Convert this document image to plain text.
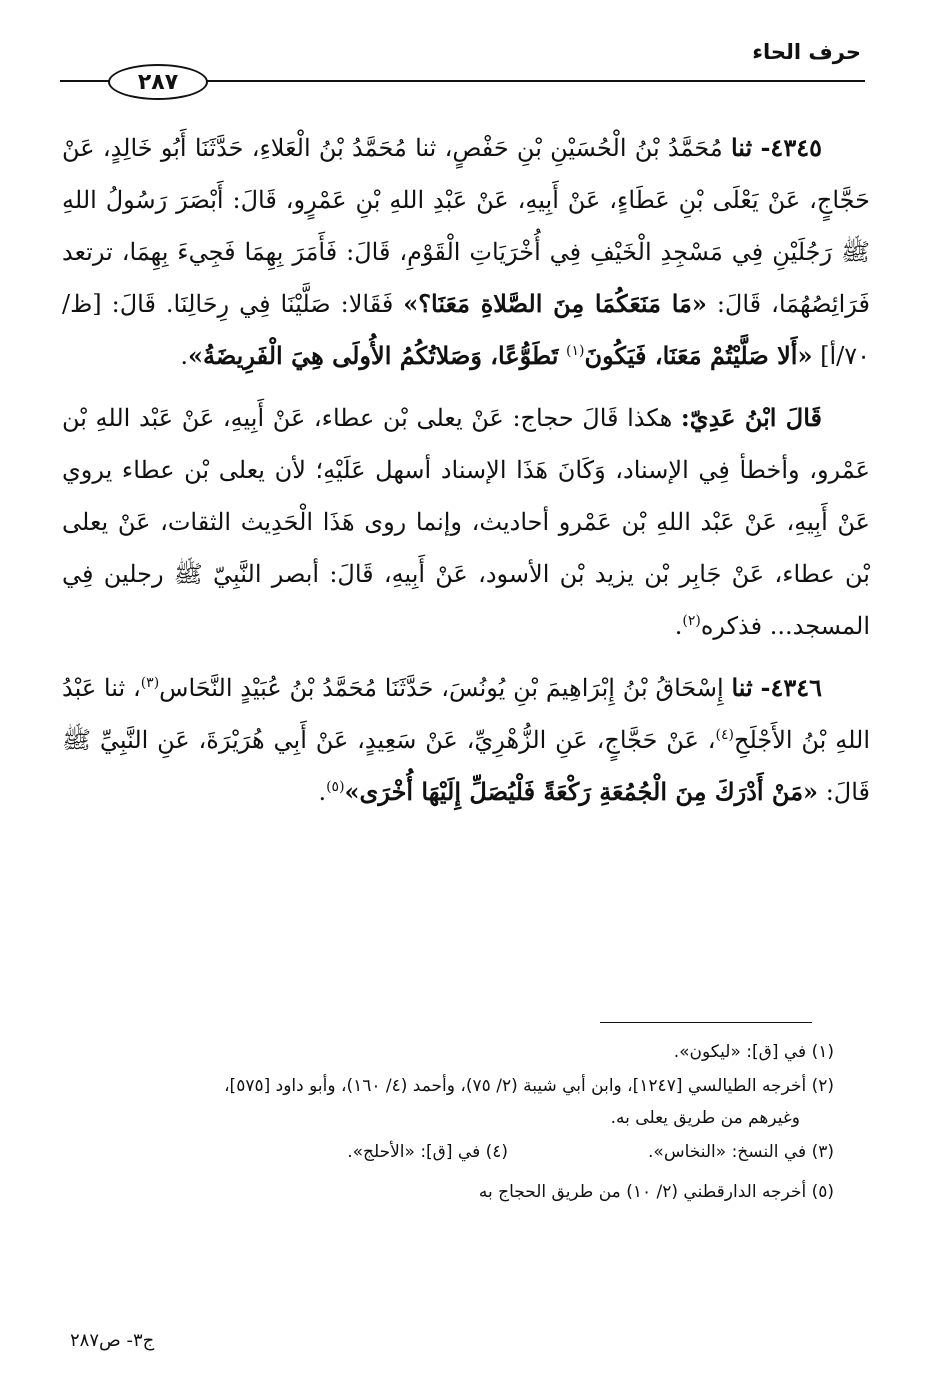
حرف الحاء
٢٨٧

٤٣٤٥- ثنا مُحَمَّدُ بْنُ الْحُسَيْنِ بْنِ حَفْصٍ، ثنا مُحَمَّدُ بْنُ الْعَلاءِ، حَدَّثَنَا أَبُو خَالِدٍ، عَنْ حَجَّاجٍ، عَنْ يَعْلَى بْنِ عَطَاءٍ، عَنْ أَبِيهِ، عَنْ عَبْدِ اللهِ بْنِ عَمْرٍو، قَالَ: أَبْصَرَ رَسُولُ اللهِ ﷺ رَجُلَيْنِ فِي مَسْجِدِ الْخَيْفِ فِي أُخْرَيَاتِ الْقَوْمِ، قَالَ: فَأَمَرَ بِهِمَا فَجِيءَ بِهِمَا، ترتعد فَرَائِصُهُمَا، قَالَ: «مَا مَنَعَكُمَا مِنَ الصَّلاةِ مَعَنَا؟» فَقَالا: صَلَّيْنَا فِي رِحَالِنَا. قَالَ: [ظ/٧٠/أ] «أَلا صَلَّيْتُمْ مَعَنَا، فَيَكُونَ$^{(١)}$ تَطَوُّعًا، وَصَلاتُكُمُ الأُولَى هِيَ الْفَرِيضَةُ».

قَالَ ابْنُ عَدِيّ: هكذا قَالَ حجاج: عَنْ يعلى بْن عطاء، عَنْ أَبِيهِ، عَنْ عَبْد اللهِ بْن عَمْرو، وأخطأ فِي الإسناد، وَكَانَ هَذَا الإسناد أسهل عَلَيْهِ؛ لأن يعلى بْن عطاء يروي عَنْ أَبِيهِ، عَنْ عَبْد اللهِ بْن عَمْرو أحاديث، وإنما روى هَذَا الْحَدِيث الثقات، عَنْ يعلى بْن عطاء، عَنْ جَابِر بْن يزيد بْن الأسود، عَنْ أَبِيهِ، قَالَ: أبصر النَّبِيّ ﷺ رجلين فِي المسجد... فذكره$^{(٢)}$.

٤٣٤٦- ثنا إِسْحَاقُ بْنُ إِبْرَاهِيمَ بْنِ يُونُسَ، حَدَّثَنَا مُحَمَّدُ بْنُ عُبَيْدٍ النَّحَاس$^{(٣)}$، ثنا عَبْدُ اللهِ بْنُ الأَجْلَحِ$^{(٤)}$، عَنْ حَجَّاجٍ، عَنِ الزُّهْرِيِّ، عَنْ سَعِيدٍ، عَنْ أَبِي هُرَيْرَةَ، عَنِ النَّبِيِّ ﷺ قَالَ: «مَنْ أَدْرَكَ مِنَ الْجُمُعَةِ رَكْعَةً فَلْيُصَلِّ إِلَيْهَا أُخْرَى»$^{(٥)}$.

(١) في [ق]: «ليكون».
(٢) أخرجه الطيالسي [١٢٤٧]، وابن أبي شيبة (٢/ ٧٥)، وأحمد (٤/ ١٦٠)، وأبو داود [٥٧٥]،
وغيرهم من طريق يعلى به.
(٣) في النسخ: «النخاس».
(٤) في [ق]: «الأحلج».
(٥) أخرجه الدارقطني (٢/ ١٠) من طريق الحجاج به
ج٣- ص٢٨٧
